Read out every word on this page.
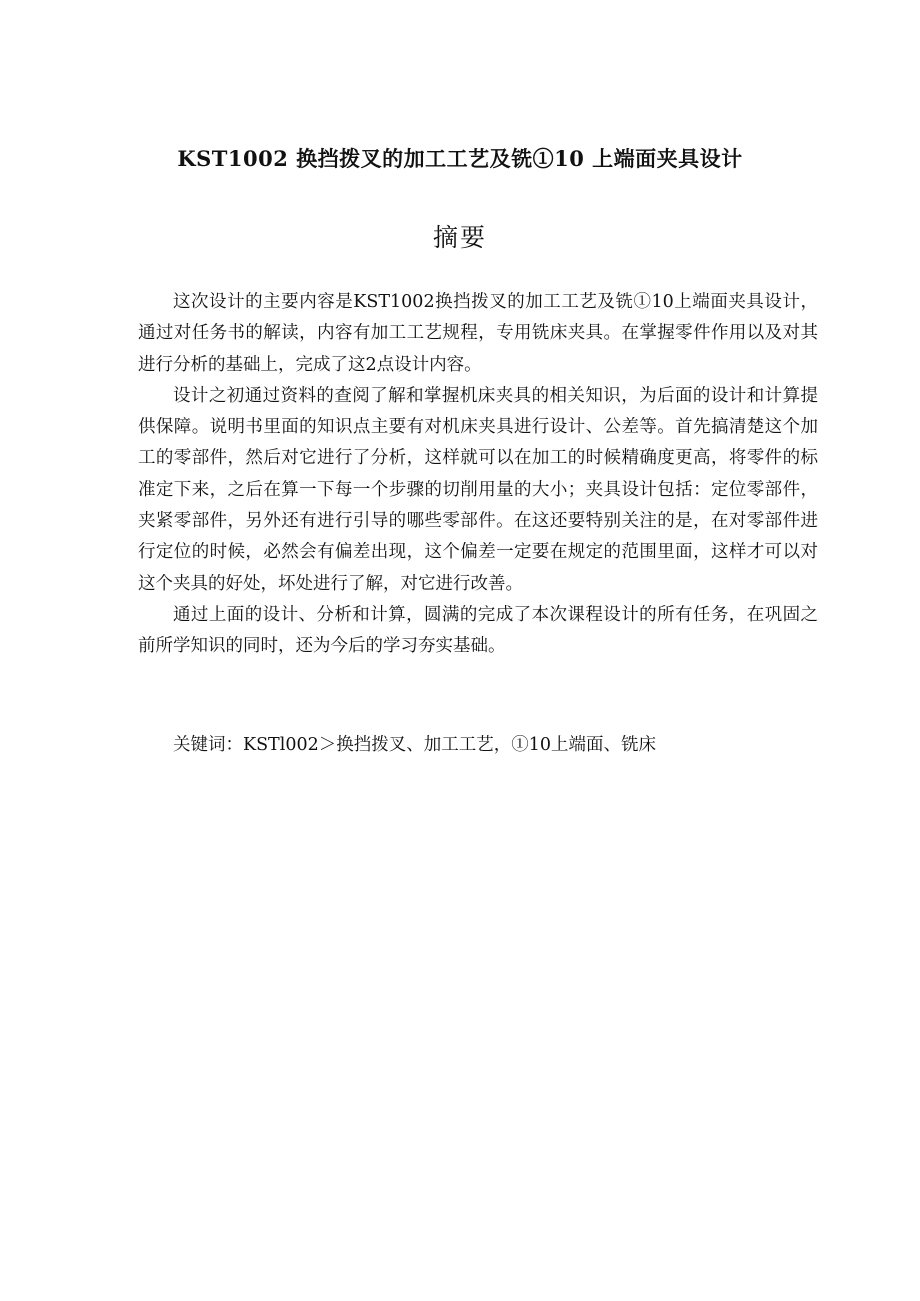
KST1002 换挡拨叉的加工工艺及铣①10 上端面夹具设计
摘要

这次设计的主要内容是KST1002换挡拨叉的加工工艺及铣①10上端面夹具设计，通过对任务书的解读，内容有加工工艺规程，专用铣床夹具。在掌握零件作用以及对其进行分析的基础上，完成了这2点设计内容。

设计之初通过资料的查阅了解和掌握机床夹具的相关知识，为后面的设计和计算提供保障。说明书里面的知识点主要有对机床夹具进行设计、公差等。首先搞清楚这个加工的零部件，然后对它进行了分析，这样就可以在加工的时候精确度更高，将零件的标准定下来，之后在算一下每一个步骤的切削用量的大小；夹具设计包括：定位零部件，夹紧零部件，另外还有进行引导的哪些零部件。在这还要特别关注的是，在对零部件进行定位的时候，必然会有偏差出现，这个偏差一定要在规定的范围里面，这样才可以对这个夹具的好处，坏处进行了解，对它进行改善。

通过上面的设计、分析和计算，圆满的完成了本次课程设计的所有任务，在巩固之前所学知识的同时，还为今后的学习夯实基础。

关键词：KSTl002＞换挡拨叉、加工工艺，①10上端面、铣床
